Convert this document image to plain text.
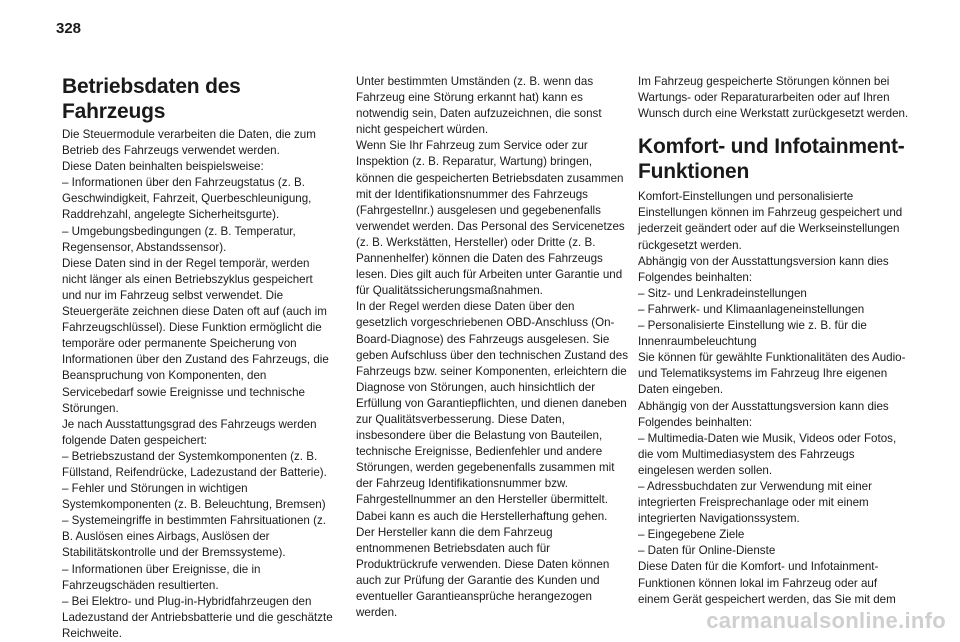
328
Betriebsdaten des Fahrzeugs

Die Steuermodule verarbeiten die Daten, die zum Betrieb des Fahrzeugs verwendet werden.

Diese Daten beinhalten beispielsweise:

– Informationen über den Fahrzeugstatus (z. B. Geschwindigkeit, Fahrzeit, Querbeschleunigung, Raddrehzahl, angelegte Sicherheitsgurte).

– Umgebungsbedingungen (z. B. Temperatur, Regensensor, Abstandssensor).

Diese Daten sind in der Regel temporär, werden nicht länger als einen Betriebszyklus gespeichert und nur im Fahrzeug selbst verwendet. Die Steuergeräte zeichnen diese Daten oft auf (auch im Fahrzeugschlüssel). Diese Funktion ermöglicht die temporäre oder permanente Speicherung von Informationen über den Zustand des Fahrzeugs, die Beanspruchung von Komponenten, den Servicebedarf sowie Ereignisse und technische Störungen.

Je nach Ausstattungsgrad des Fahrzeugs werden folgende Daten gespeichert:

– Betriebszustand der Systemkomponenten (z. B. Füllstand, Reifendrücke, Ladezustand der Batterie).

– Fehler und Störungen in wichtigen Systemkomponenten (z. B. Beleuchtung, Bremsen)

– Systemeingriffe in bestimmten Fahrsituationen (z. B. Auslösen eines Airbags, Auslösen der Stabilitätskontrolle und der Bremssysteme).

– Informationen über Ereignisse, die in Fahrzeugschäden resultierten.

– Bei Elektro- und Plug-in-Hybridfahrzeugen den Ladezustand der Antriebsbatterie und die geschätzte Reichweite.

Unter bestimmten Umständen (z. B. wenn das Fahrzeug eine Störung erkannt hat) kann es notwendig sein, Daten aufzuzeichnen, die sonst nicht gespeichert würden.

Wenn Sie Ihr Fahrzeug zum Service oder zur Inspektion (z. B. Reparatur, Wartung) bringen, können die gespeicherten Betriebsdaten zusammen mit der Identifikationsnummer des Fahrzeugs (Fahrgestellnr.) ausgelesen und gegebenenfalls verwendet werden. Das Personal des Servicenetzes (z. B. Werkstätten, Hersteller) oder Dritte (z. B. Pannenhelfer) können die Daten des Fahrzeugs lesen. Dies gilt auch für Arbeiten unter Garantie und für Qualitätssicherungsmaßnahmen.

In der Regel werden diese Daten über den gesetzlich vorgeschriebenen OBD-Anschluss (On-Board-Diagnose) des Fahrzeugs ausgelesen. Sie geben Aufschluss über den technischen Zustand des Fahrzeugs bzw. seiner Komponenten, erleichtern die Diagnose von Störungen, auch hinsichtlich der Erfüllung von Garantiepflichten, und dienen daneben zur Qualitätsverbesserung. Diese Daten, insbesondere über die Belastung von Bauteilen, technische Ereignisse, Bedienfehler und andere Störungen, werden gegebenenfalls zusammen mit der Fahrzeug Identifikationsnummer bzw. Fahrgestellnummer an den Hersteller übermittelt. Dabei kann es auch die Herstellerhaftung gehen. Der Hersteller kann die dem Fahrzeug entnommenen Betriebsdaten auch für Produktrückrufe verwenden. Diese Daten können auch zur Prüfung der Garantie des Kunden und eventueller Garantieansprüche herangezogen werden.

Im Fahrzeug gespeicherte Störungen können bei Wartungs- oder Reparaturarbeiten oder auf Ihren Wunsch durch eine Werkstatt zurückgesetzt werden.

Komfort- und Infotainment-Funktionen

Komfort-Einstellungen und personalisierte Einstellungen können im Fahrzeug gespeichert und jederzeit geändert oder auf die Werkseinstellungen rückgesetzt werden.

Abhängig von der Ausstattungsversion kann dies Folgendes beinhalten:

– Sitz- und Lenkradeinstellungen

– Fahrwerk- und Klimaanlageneinstellungen

– Personalisierte Einstellung wie z. B. für die Innenraumbeleuchtung

Sie können für gewählte Funktionalitäten des Audio- und Telematiksystems im Fahrzeug Ihre eigenen Daten eingeben.

Abhängig von der Ausstattungsversion kann dies Folgendes beinhalten:

– Multimedia-Daten wie Musik, Videos oder Fotos, die vom Multimediasystem des Fahrzeugs eingelesen werden sollen.

– Adressbuchdaten zur Verwendung mit einer integrierten Freisprechanlage oder mit einem integrierten Navigationssystem.

– Eingegebene Ziele

– Daten für Online-Dienste

Diese Daten für die Komfort- und Infotainment-Funktionen können lokal im Fahrzeug oder auf einem Gerät gespeichert werden, das Sie mit dem

carmanualsonline.info
